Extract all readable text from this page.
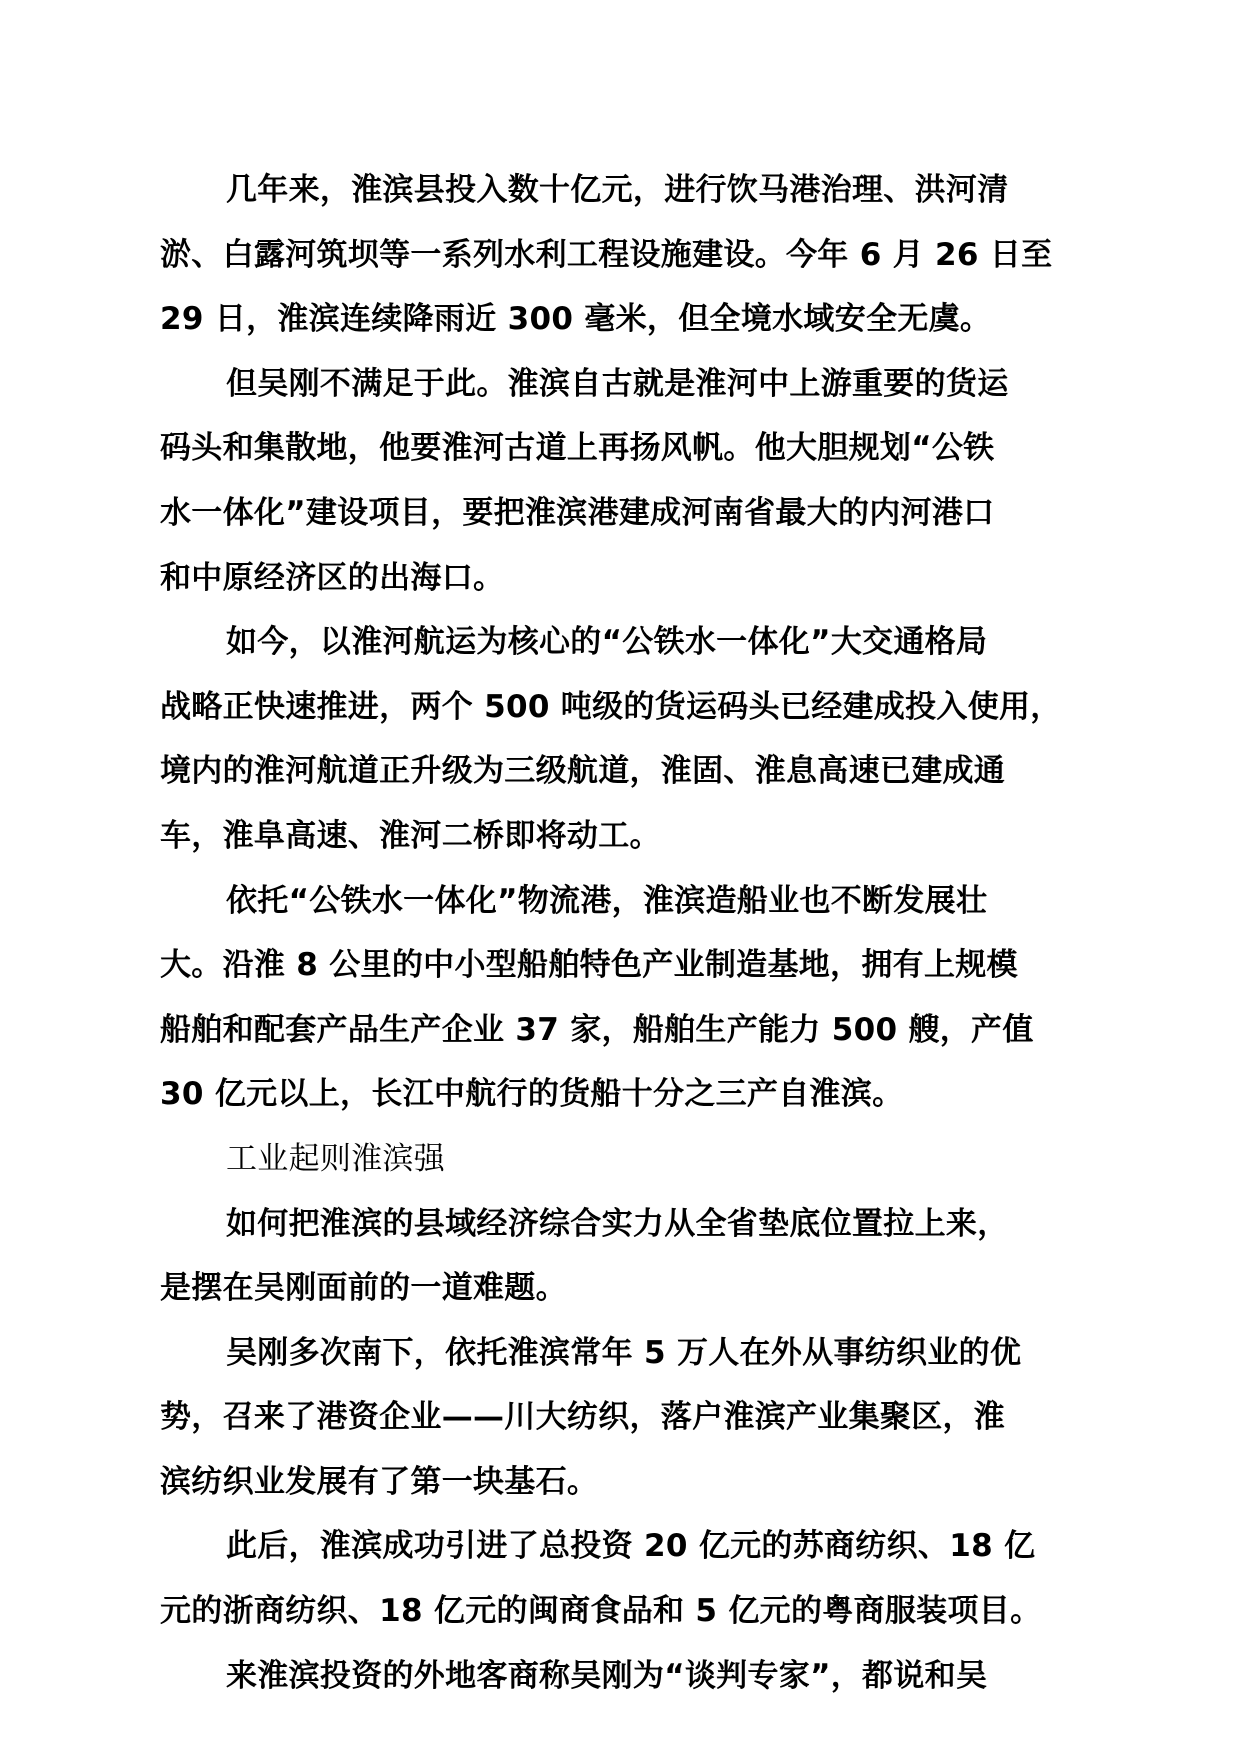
几年来，淮滨县投入数十亿元，进行饮马港治理、洪河清
淤、白露河筑坝等一系列水利工程设施建设。今年 6 月 26 日至
29 日，淮滨连续降雨近 300 毫米，但全境水域安全无虞。

但吴刚不满足于此。淮滨自古就是淮河中上游重要的货运
码头和集散地，他要淮河古道上再扬风帆。他大胆规划“公铁
水一体化”建设项目，要把淮滨港建成河南省最大的内河港口
和中原经济区的出海口。

如今，以淮河航运为核心的“公铁水一体化”大交通格局
战略正快速推进，两个 500 吨级的货运码头已经建成投入使用，
境内的淮河航道正升级为三级航道，淮固、淮息高速已建成通
车，淮阜高速、淮河二桥即将动工。

依托“公铁水一体化”物流港，淮滨造船业也不断发展壮
大。沿淮 8 公里的中小型船舶特色产业制造基地，拥有上规模
船舶和配套产品生产企业 37 家，船舶生产能力 500 艘，产值
30 亿元以上，长江中航行的货船十分之三产自淮滨。

工业起则淮滨强

如何把淮滨的县域经济综合实力从全省垫底位置拉上来，
是摆在吴刚面前的一道难题。

吴刚多次南下，依托淮滨常年 5 万人在外从事纺织业的优
势，召来了港资企业——川大纺织，落户淮滨产业集聚区，淮
滨纺织业发展有了第一块基石。

此后，淮滨成功引进了总投资 20 亿元的苏商纺织、18 亿
元的浙商纺织、18 亿元的闽商食品和 5 亿元的粤商服装项目。

来淮滨投资的外地客商称吴刚为“谈判专家”，都说和吴
